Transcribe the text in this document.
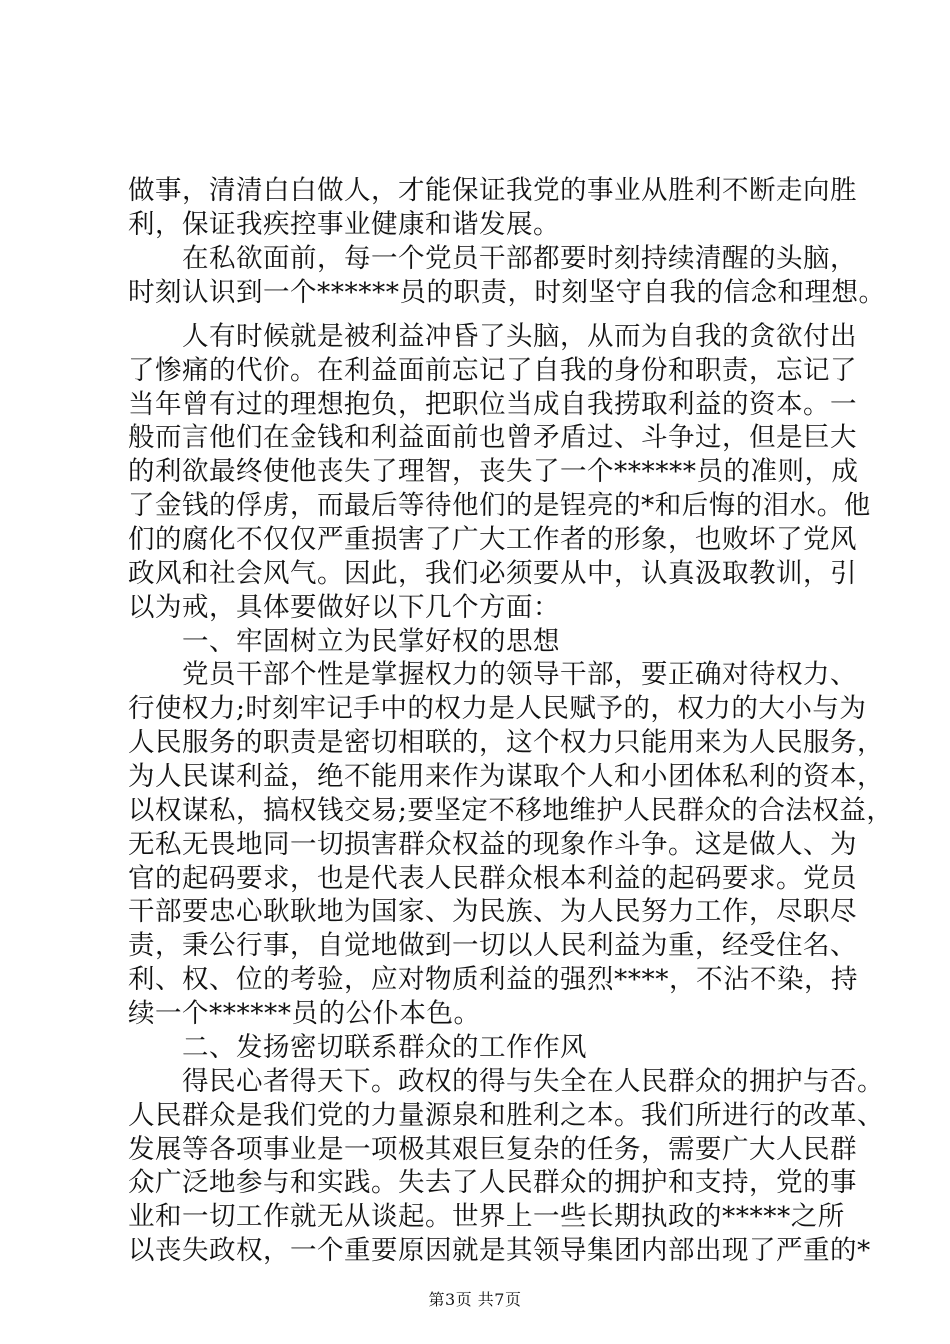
做事，清清白白做人，才能保证我党的事业从胜利不断走向胜
利，保证我疾控事业健康和谐发展。
　　在私欲面前，每一个党员干部都要时刻持续清醒的头脑，
时刻认识到一个******员的职责，时刻坚守自我的信念和理想。
　　人有时候就是被利益冲昏了头脑，从而为自我的贪欲付出
了惨痛的代价。在利益面前忘记了自我的身份和职责，忘记了
当年曾有过的理想抱负，把职位当成自我捞取利益的资本。一
般而言他们在金钱和利益面前也曾矛盾过、斗争过，但是巨大
的利欲最终使他丧失了理智，丧失了一个******员的准则，成
了金钱的俘虏，而最后等待他们的是锃亮的*和后悔的泪水。他
们的腐化不仅仅严重损害了广大工作者的形象，也败坏了党风
政风和社会风气。因此，我们必须要从中，认真汲取教训，引
以为戒，具体要做好以下几个方面：
　　一、牢固树立为民掌好权的思想
　　党员干部个性是掌握权力的领导干部，要正确对待权力、
行使权力;时刻牢记手中的权力是人民赋予的，权力的大小与为
人民服务的职责是密切相联的，这个权力只能用来为人民服务，
为人民谋利益，绝不能用来作为谋取个人和小团体私利的资本，
以权谋私，搞权钱交易;要坚定不移地维护人民群众的合法权益，
无私无畏地同一切损害群众权益的现象作斗争。这是做人、为
官的起码要求，也是代表人民群众根本利益的起码要求。党员
干部要忠心耿耿地为国家、为民族、为人民努力工作，尽职尽
责，秉公行事，自觉地做到一切以人民利益为重，经受住名、
利、权、位的考验，应对物质利益的强烈****，不沾不染，持
续一个******员的公仆本色。
　　二、发扬密切联系群众的工作作风
　　得民心者得天下。政权的得与失全在人民群众的拥护与否。
人民群众是我们党的力量源泉和胜利之本。我们所进行的改革、
发展等各项事业是一项极其艰巨复杂的任务，需要广大人民群
众广泛地参与和实践。失去了人民群众的拥护和支持，党的事
业和一切工作就无从谈起。世界上一些长期执政的*****之所
以丧失政权，一个重要原因就是其领导集团内部出现了严重的*
第3页 共7页
